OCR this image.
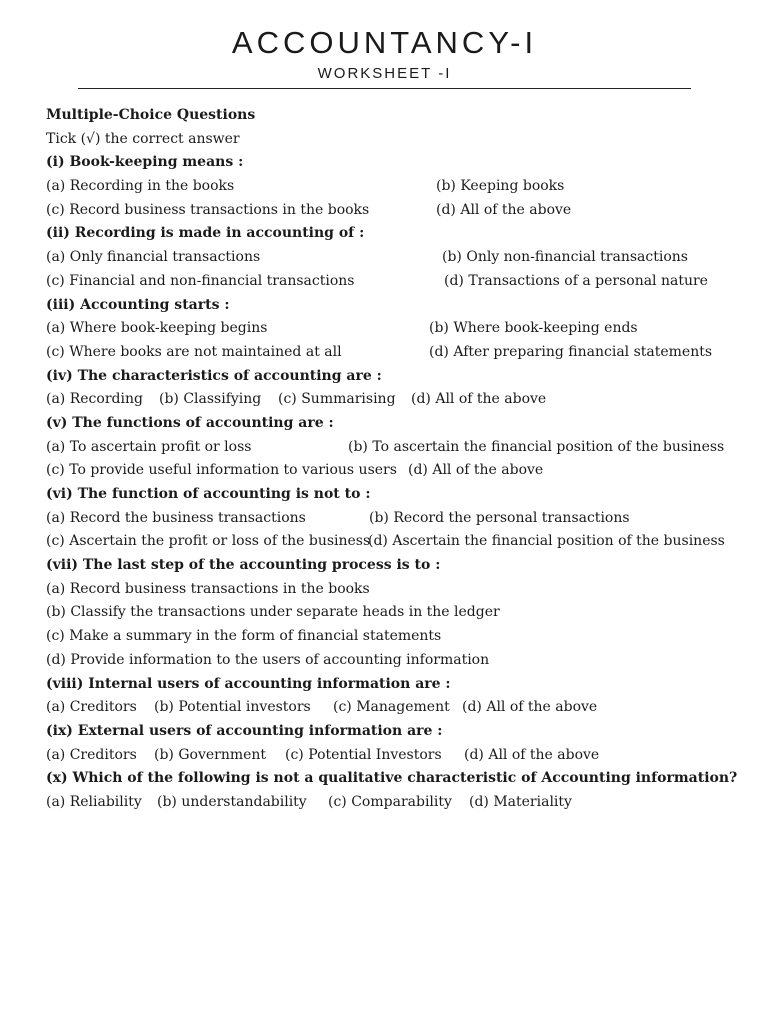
ACCOUNTANCY-I
WORKSHEET -I
Multiple-Choice Questions
Tick (√) the correct answer
(i) Book-keeping means :
(a) Recording in the books	(b) Keeping books
(c) Record business transactions in the books	(d) All of the above
(ii) Recording is made in accounting of :
(a) Only financial transactions	(b) Only non-financial transactions
(c) Financial and non-financial transactions	(d) Transactions of a personal nature
(iii) Accounting starts :
(a) Where book-keeping begins	(b) Where book-keeping ends
(c) Where books are not maintained at all	(d) After preparing financial statements
(iv) The characteristics of accounting are :
(a) Recording (b) Classifying (c) Summarising (d) All of the above
(v) The functions of accounting are :
(a) To ascertain profit or loss	(b) To ascertain the financial position of the business
(c) To provide useful information to various users (d) All of the above
(vi) The function of accounting is not to :
(a) Record the business transactions	(b) Record the personal transactions
(c) Ascertain the profit or loss of the business
(d) Ascertain the financial position of the business
(vii) The last step of the accounting process is to :
(a) Record business transactions in the books
(b) Classify the transactions under separate heads in the ledger
(c) Make a summary in the form of financial statements
(d) Provide information to the users of accounting information
(viii) Internal users of accounting information are :
(a) Creditors (b) Potential investors (c) Management (d) All of the above
(ix) External users of accounting information are :
(a) Creditors (b) Government (c) Potential Investors (d) All of the above
(x) Which of the following is not a qualitative characteristic of Accounting information?
(a) Reliability (b) understandability (c) Comparability (d) Materiality
